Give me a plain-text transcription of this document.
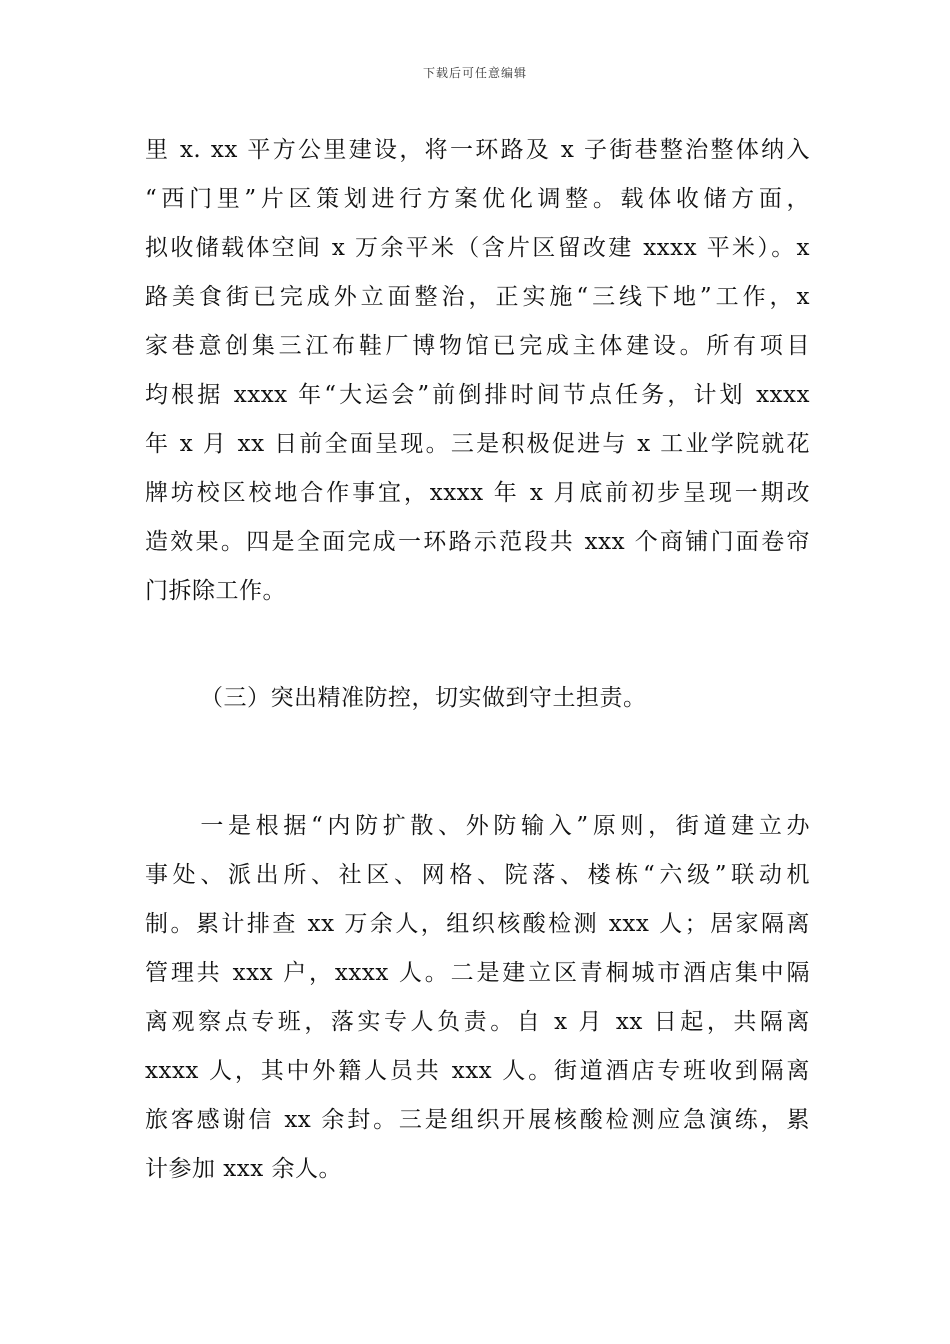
下载后可任意编辑
里 x. xx 平方公里建设，将一环路及 x 子街巷整治整体纳入
“西门里”片区策划进行方案优化调整。载体收储方面，
拟收储载体空间 x 万余平米（含片区留改建 xxxx 平米）。x
路美食街已完成外立面整治，正实施“三线下地”工作，x
家巷意创集三江布鞋厂博物馆已完成主体建设。所有项目
均根据 xxxx 年“大运会”前倒排时间节点任务，计划 xxxx
年 x 月 xx 日前全面呈现。三是积极促进与 x 工业学院就花
牌坊校区校地合作事宜，xxxx 年 x 月底前初步呈现一期改
造效果。四是全面完成一环路示范段共 xxx 个商铺门面卷帘
门拆除工作。
（三）突出精准防控，切实做到守土担责。
　　一是根据“内防扩散、外防输入”原则，街道建立办
事处、派出所、社区、网格、院落、楼栋“六级”联动机
制。累计排查 xx 万余人，组织核酸检测 xxx 人；居家隔离
管理共 xxx 户，xxxx 人。二是建立区青桐城市酒店集中隔
离观察点专班，落实专人负责。自 x 月 xx 日起，共隔离
xxxx 人，其中外籍人员共 xxx 人。街道酒店专班收到隔离
旅客感谢信 xx 余封。三是组织开展核酸检测应急演练，累
计参加 xxx 余人。
